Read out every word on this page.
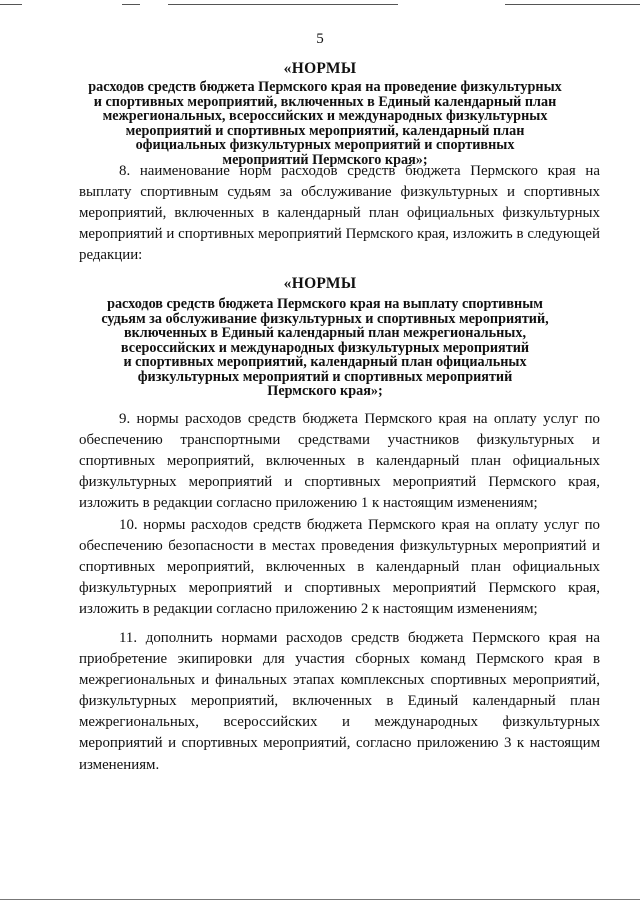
5
«НОРМЫ
расходов средств бюджета Пермского края на проведение физкультурных
и спортивных мероприятий, включенных в Единый календарный план
межрегиональных, всероссийских и международных физкультурных
мероприятий и спортивных мероприятий, календарный план
официальных физкультурных мероприятий и спортивных
мероприятий Пермского края»;

8. наименование норм расходов средств бюджета Пермского края на выплату спортивным судьям за обслуживание физкультурных и спортивных мероприятий, включенных в календарный план официальных физкультурных мероприятий и спортивных мероприятий Пермского края, изложить в следующей редакции:

«НОРМЫ
расходов средств бюджета Пермского края на выплату спортивным
судьям за обслуживание физкультурных и спортивных мероприятий,
включенных в Единый календарный план межрегиональных,
всероссийских и международных физкультурных мероприятий
и спортивных мероприятий, календарный план официальных
физкультурных мероприятий и спортивных мероприятий
Пермского края»;

9. нормы расходов средств бюджета Пермского края на оплату услуг по обеспечению транспортными средствами участников физкультурных и спортивных мероприятий, включенных в календарный план официальных физкультурных мероприятий и спортивных мероприятий Пермского края, изложить в редакции согласно приложению 1 к настоящим изменениям;

10. нормы расходов средств бюджета Пермского края на оплату услуг по обеспечению безопасности в местах проведения физкультурных мероприятий и спортивных мероприятий, включенных в календарный план официальных физкультурных мероприятий и спортивных мероприятий Пермского края, изложить в редакции согласно приложению 2 к настоящим изменениям;

11. дополнить нормами расходов средств бюджета Пермского края на приобретение экипировки для участия сборных команд Пермского края в межрегиональных и финальных этапах комплексных спортивных мероприятий, физкультурных мероприятий, включенных в Единый календарный план межрегиональных, всероссийских и международных физкультурных мероприятий и спортивных мероприятий, согласно приложению 3 к настоящим изменениям.
